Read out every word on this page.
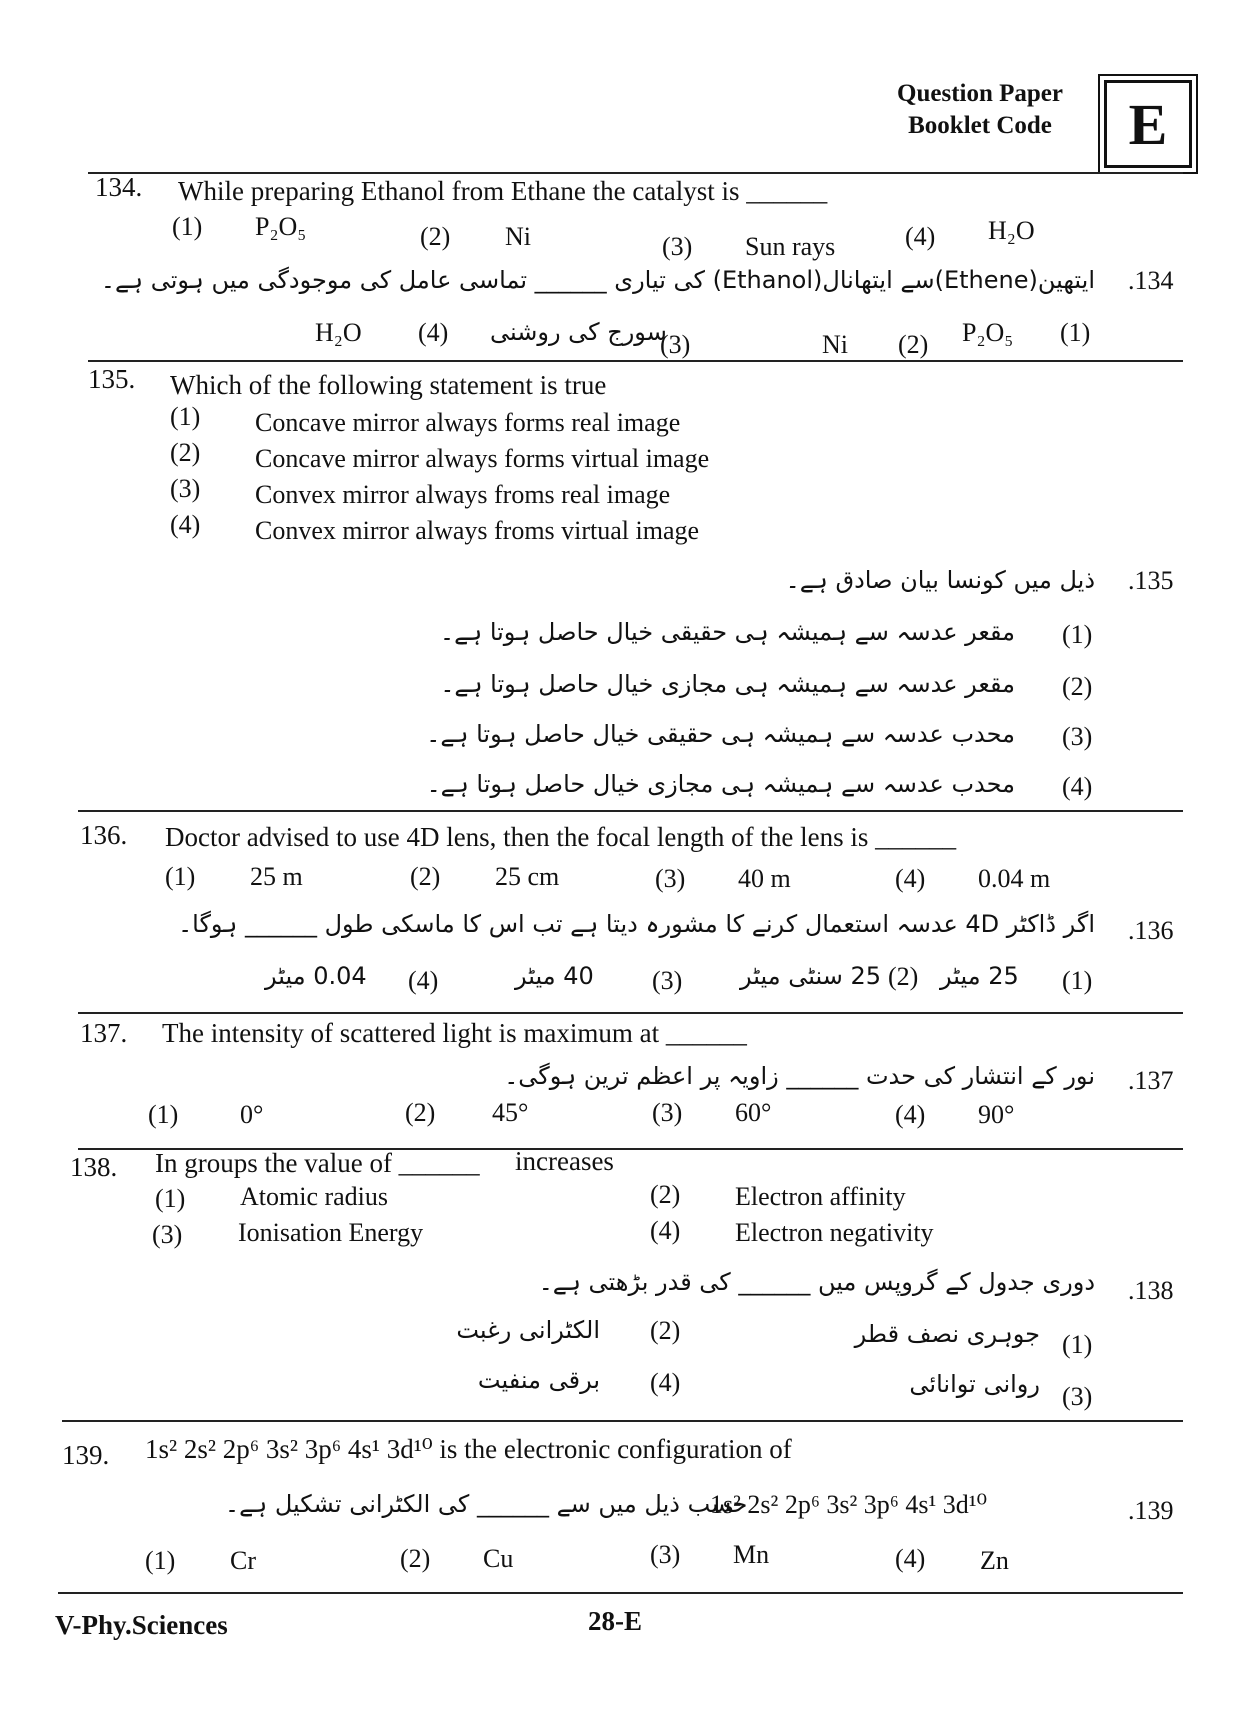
Question Paper
Booklet Code	E
134. While preparing Ethanol from Ethane the catalyst is ______
(1) P₂O₅	(2) Ni	(3) Sun rays	(4) H₂O
.134
ایتھین(Ethene)سے ایتھانال(Ethanol) کی تیاری ______ تماسی عامل کی موجودگی میں ہوتی ہے۔
(1)
P₂O₅
(2)
Ni
(3)
سورج کی روشنی
(4)
H₂O
135. Which of the following statement is true
(1) Concave mirror always forms real image
(2) Concave mirror always forms virtual image
(3) Convex mirror always froms real image
(4) Convex mirror always froms virtual image
.135
ذیل میں کونسا بیان صادق ہے۔
(1)
مقعر عدسہ سے ہمیشہ ہی حقیقی خیال حاصل ہوتا ہے۔
(2)
مقعر عدسہ سے ہمیشہ ہی مجازی خیال حاصل ہوتا ہے۔
(3)
محدب عدسہ سے ہمیشہ ہی حقیقی خیال حاصل ہوتا ہے۔
(4)
محدب عدسہ سے ہمیشہ ہی مجازی خیال حاصل ہوتا ہے۔
136. Doctor advised to use 4D lens, then the focal length of the lens is ______
(1) 25 m	(2) 25 cm	(3) 40 m	(4) 0.04 m
.136
اگر ڈاکٹر 4D عدسہ استعمال کرنے کا مشورہ دیتا ہے تب اس کا ماسکی طول ______ ہوگا۔
(1)
25 میٹر
(2)
25 سنٹی میٹر
(3)
40 میٹر
(4)
0.04 میٹر
137. The intensity of scattered light is maximum at ______
.137
نور کے انتشار کی حدت ______ زاویہ پر اعظم ترین ہوگی۔
(1) 0°	(2) 45°	(3) 60°	(4) 90°
138. In groups the value of ______ increases
(1) Atomic radius	(2) Electron affinity
(3) Ionisation Energy	(4) Electron negativity
.138
دوری جدول کے گروپس میں ______ کی قدر بڑھتی ہے۔
(1)
جوہری نصف قطر
(2)
الکٹرانی رغبت
(3)
روانی توانائی
(4)
برقی منفیت
139. 1s² 2s² 2p⁶ 3s² 3p⁶ 4s¹ 3d¹⁰ is the electronic configuration of
.139
1s² 2s² 2p⁶ 3s² 3p⁶ 4s¹ 3d¹⁰
حسب ذیل میں سے ______ کی الکٹرانی تشکیل ہے۔
(1) Cr	(2) Cu	(3) Mn	(4) Zn
V-Phy.Sciences	28-E
